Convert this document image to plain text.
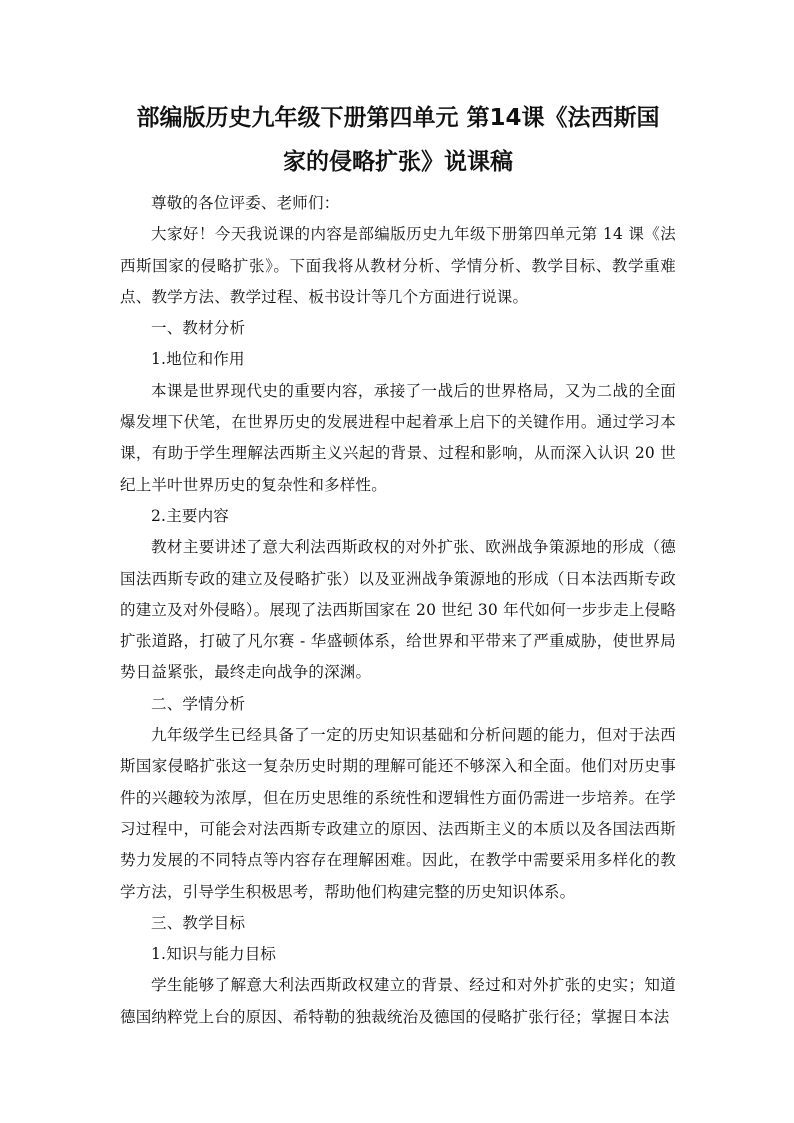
部编版历史九年级下册第四单元 第14课《法西斯国
家的侵略扩张》说课稿

尊敬的各位评委、老师们：

大家好！今天我说课的内容是部编版历史九年级下册第四单元第 14 课《法西斯国家的侵略扩张》。下面我将从教材分析、学情分析、教学目标、教学重难点、教学方法、教学过程、板书设计等几个方面进行说课。

一、教材分析

1.地位和作用

本课是世界现代史的重要内容，承接了一战后的世界格局，又为二战的全面爆发埋下伏笔，在世界历史的发展进程中起着承上启下的关键作用。通过学习本课，有助于学生理解法西斯主义兴起的背景、过程和影响，从而深入认识 20 世纪上半叶世界历史的复杂性和多样性。

2.主要内容

教材主要讲述了意大利法西斯政权的对外扩张、欧洲战争策源地的形成（德国法西斯专政的建立及侵略扩张）以及亚洲战争策源地的形成（日本法西斯专政的建立及对外侵略）。展现了法西斯国家在 20 世纪 30 年代如何一步步走上侵略扩张道路，打破了凡尔赛 - 华盛顿体系，给世界和平带来了严重威胁，使世界局势日益紧张，最终走向战争的深渊。

二、学情分析

九年级学生已经具备了一定的历史知识基础和分析问题的能力，但对于法西斯国家侵略扩张这一复杂历史时期的理解可能还不够深入和全面。他们对历史事件的兴趣较为浓厚，但在历史思维的系统性和逻辑性方面仍需进一步培养。在学习过程中，可能会对法西斯专政建立的原因、法西斯主义的本质以及各国法西斯势力发展的不同特点等内容存在理解困难。因此，在教学中需要采用多样化的教学方法，引导学生积极思考，帮助他们构建完整的历史知识体系。

三、教学目标

1.知识与能力目标

学生能够了解意大利法西斯政权建立的背景、经过和对外扩张的史实；知道德国纳粹党上台的原因、希特勒的独裁统治及德国的侵略扩张行径；掌握日本法
